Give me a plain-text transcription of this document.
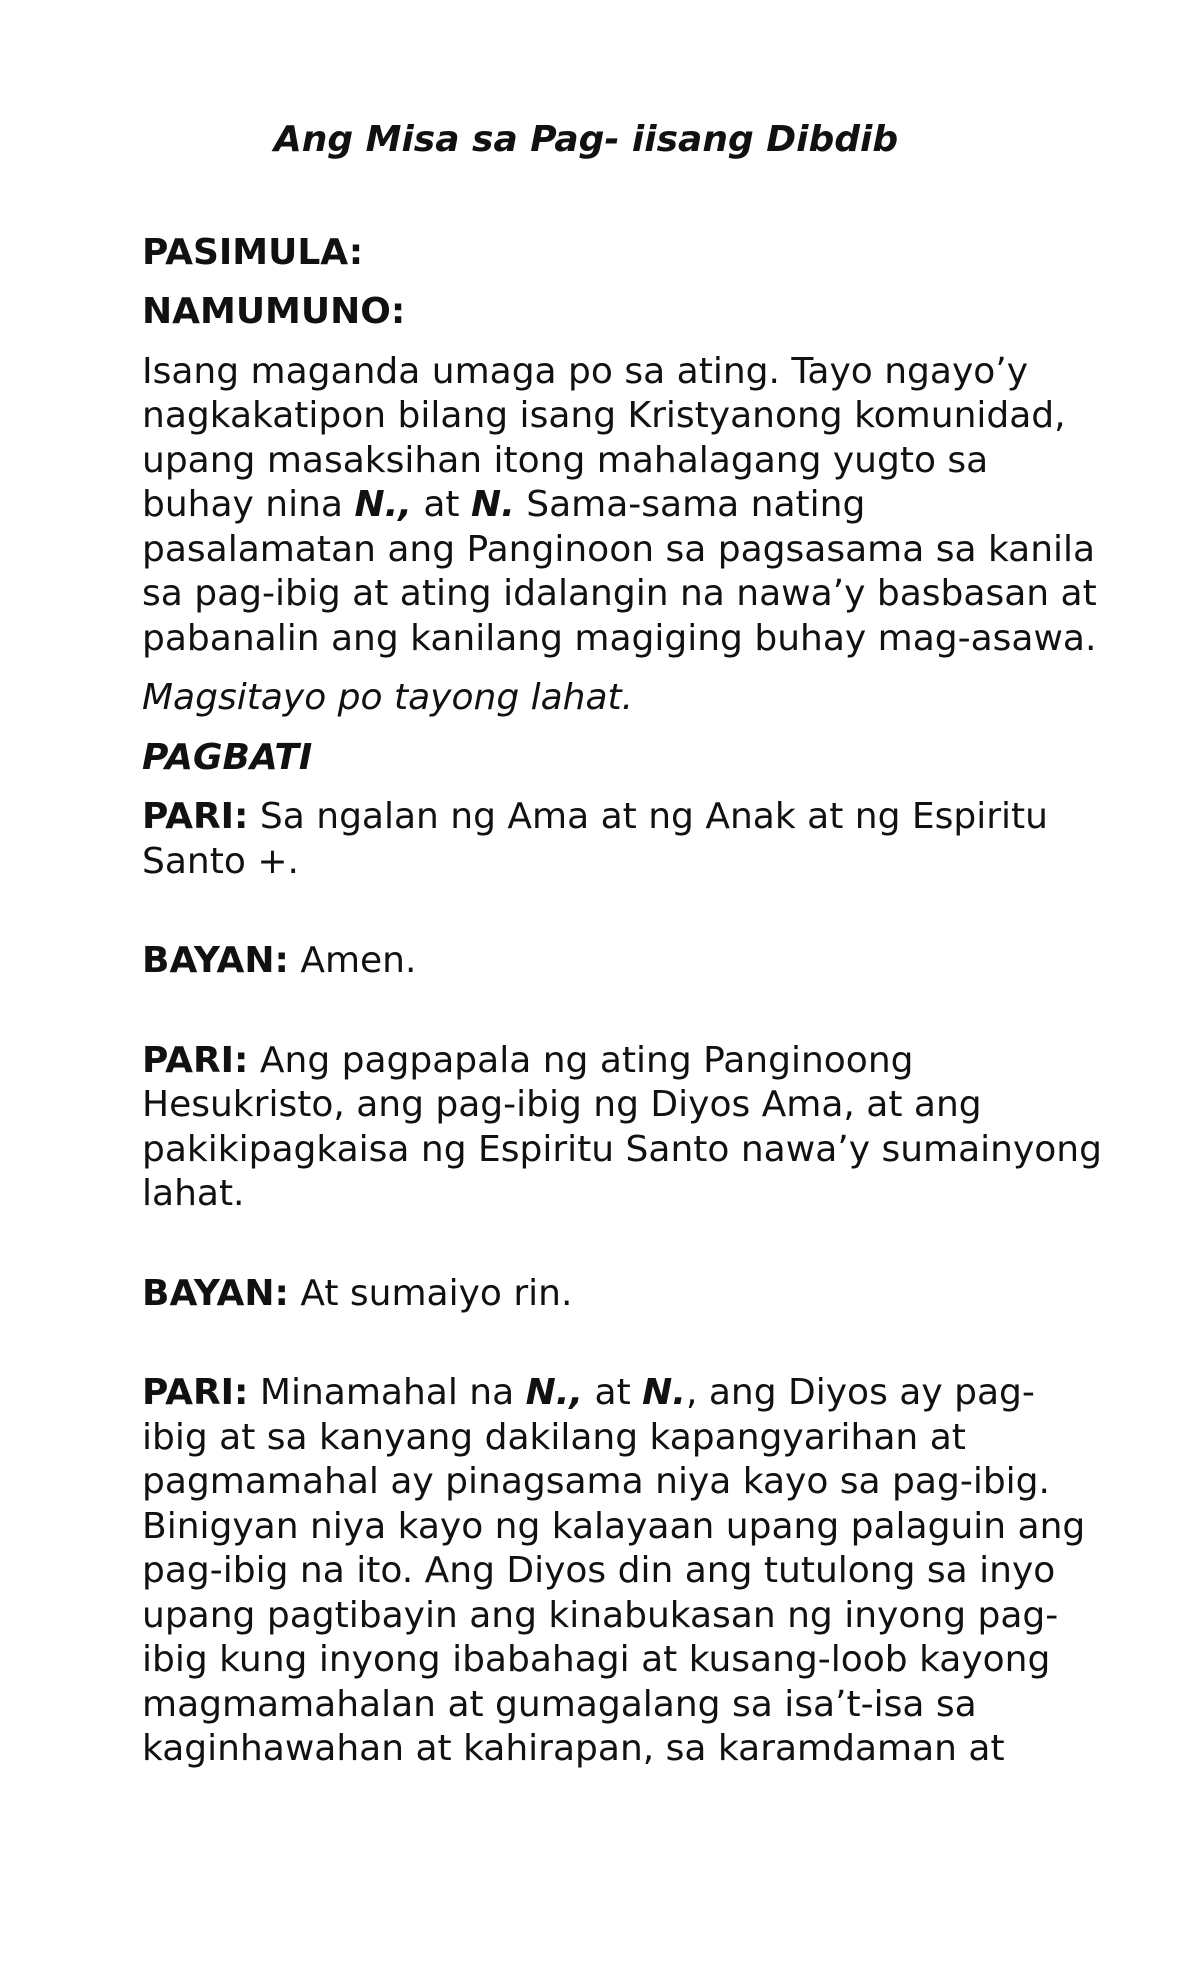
Ang Misa sa Pag- iisang Dibdib
PASIMULA:
NAMUMUNO:
Isang maganda umaga po sa ating. Tayo ngayo’y nagkakatipon bilang isang Kristyanong komunidad, upang masaksihan itong mahalagang yugto sa buhay nina N., at N. Sama-sama nating pasalamatan ang Panginoon sa pagsasama sa kanila sa pag-ibig at ating idalangin na nawa’y basbasan at pabanalin ang kanilang magiging buhay mag-asawa.
Magsitayo po tayong lahat.
PAGBATI
PARI: Sa ngalan ng Ama at ng Anak at ng Espiritu Santo +.
BAYAN: Amen.
PARI: Ang pagpapala ng ating Panginoong Hesukristo, ang pag-ibig ng Diyos Ama, at ang pakikipagkaisa ng Espiritu Santo nawa’y sumainyong lahat.
BAYAN: At sumaiyo rin.
PARI: Minamahal na N., at N., ang Diyos ay pag- ibig at sa kanyang dakilang kapangyarihan at pagmamahal ay pinagsama niya kayo sa pag-ibig. Binigyan niya kayo ng kalayaan upang palaguin ang pag-ibig na ito. Ang Diyos din ang tutulong sa inyo upang pagtibayin ang kinabukasan ng inyong pag-ibig kung inyong ibabahagi at kusang-loob kayong magmamahalan at gumagalang sa isa’t-isa sa kaginhawahan at kahirapan, sa karamdaman at
